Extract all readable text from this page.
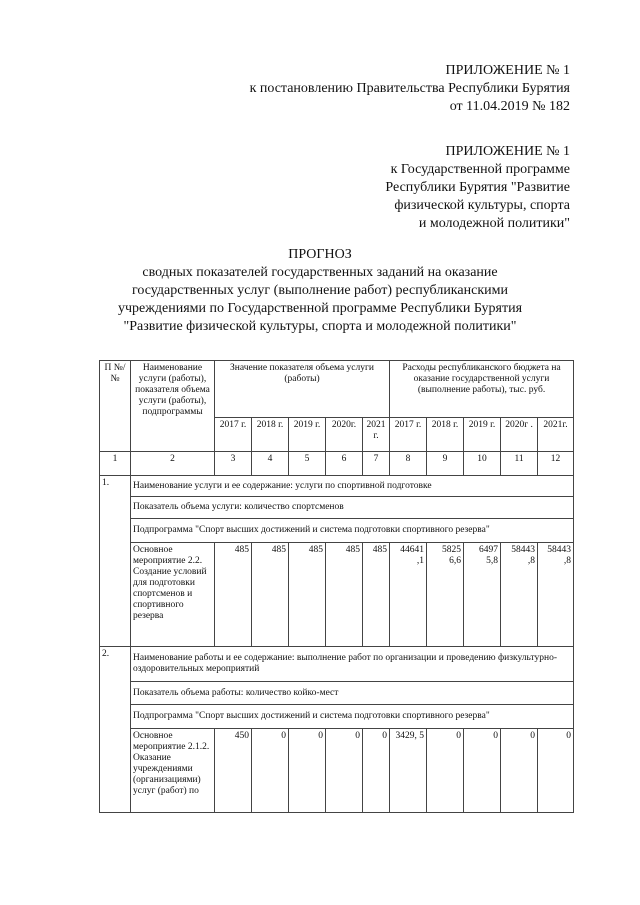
ПРИЛОЖЕНИЕ № 1
к постановлению Правительства Республики Бурятия
от 11.04.2019 № 182
ПРИЛОЖЕНИЕ № 1
к Государственной программе
Республики Бурятия "Развитие
физической культуры, спорта
и молодежной политики"
ПРОГНОЗ
сводных показателей государственных заданий на оказание
государственных услуг (выполнение работ) республиканскими
учреждениями по Государственной программе Республики Бурятия
"Развитие физической культуры, спорта и молодежной политики"
П №/№	Наименование услуги (работы), показателя объема услуги (работы), подпрограммы	Значение показателя объема услуги (работы)					Расходы республиканского бюджета на оказание государственной услуги (выполнение работы), тыс. руб.				
		2017 г.	2018 г.	2019 г.	2020г.	2021 г.	2017 г.	2018 г.	2019 г.	2020г .	2021г.
1	2	3	4	5	6	7	8	9	10	11	12
1.	Наименование услуги и ее содержание: услуги по спортивной подготовке										
	Показатель объема услуги: количество спортсменов										
	Подпрограмма "Спорт высших достижений и система подготовки спортивного резерва"										
	Основное мероприятие 2.2. Создание условий для подготовки спортсменов и спортивного резерва	485	485	485	485	485	44641 ,1	5825 6,6	6497 5,8	58443 ,8	58443 ,8
2.	Наименование работы и ее содержание: выполнение работ по организации и проведению физкультурно-оздоровительных мероприятий										
	Показатель объема работы: количество койко-мест										
	Подпрограмма "Спорт высших достижений и система подготовки спортивного резерва"										
	Основное мероприятие 2.1.2. Оказание учреждениями (организациями) услуг (работ) по	450	0	0	0	0	3429, 5	0	0	0	0
